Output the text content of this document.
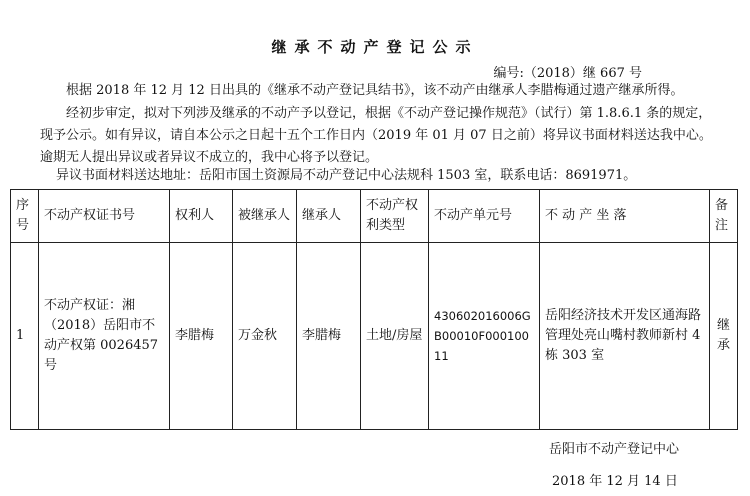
继承不动产登记公示
编号:（2018）继 667 号
根据 2018 年 12 月 12 日出具的《继承不动产登记具结书》，该不动产由继承人李腊梅通过遗产继承所得。
经初步审定，拟对下列涉及继承的不动产予以登记，根据《不动产登记操作规范》（试行）第 1.8.6.1 条的规定，现予公示。如有异议，请自本公示之日起十五个工作日内（2019 年 01 月 07 日之前）将异议书面材料送达我中心。逾期无人提出异议或者异议不成立的，我中心将予以登记。
异议书面材料送达地址：岳阳市国土资源局不动产登记中心法规科 1503 室，联系电话：8691971。
序号	不动产权证书号	权利人	被继承人	继承人	不动产权利类型	不动产单元号	不 动 产 坐 落	备注
1	不动产权证：湘（2018）岳阳市不动产权第 0026457 号	李腊梅	万金秋	李腊梅	土地/房屋	430602016006GB00010F00010011	岳阳经济技术开发区通海路管理处亮山嘴村教师新村 4 栋 303 室	继承
岳阳市不动产登记中心
2018 年 12 月 14 日
